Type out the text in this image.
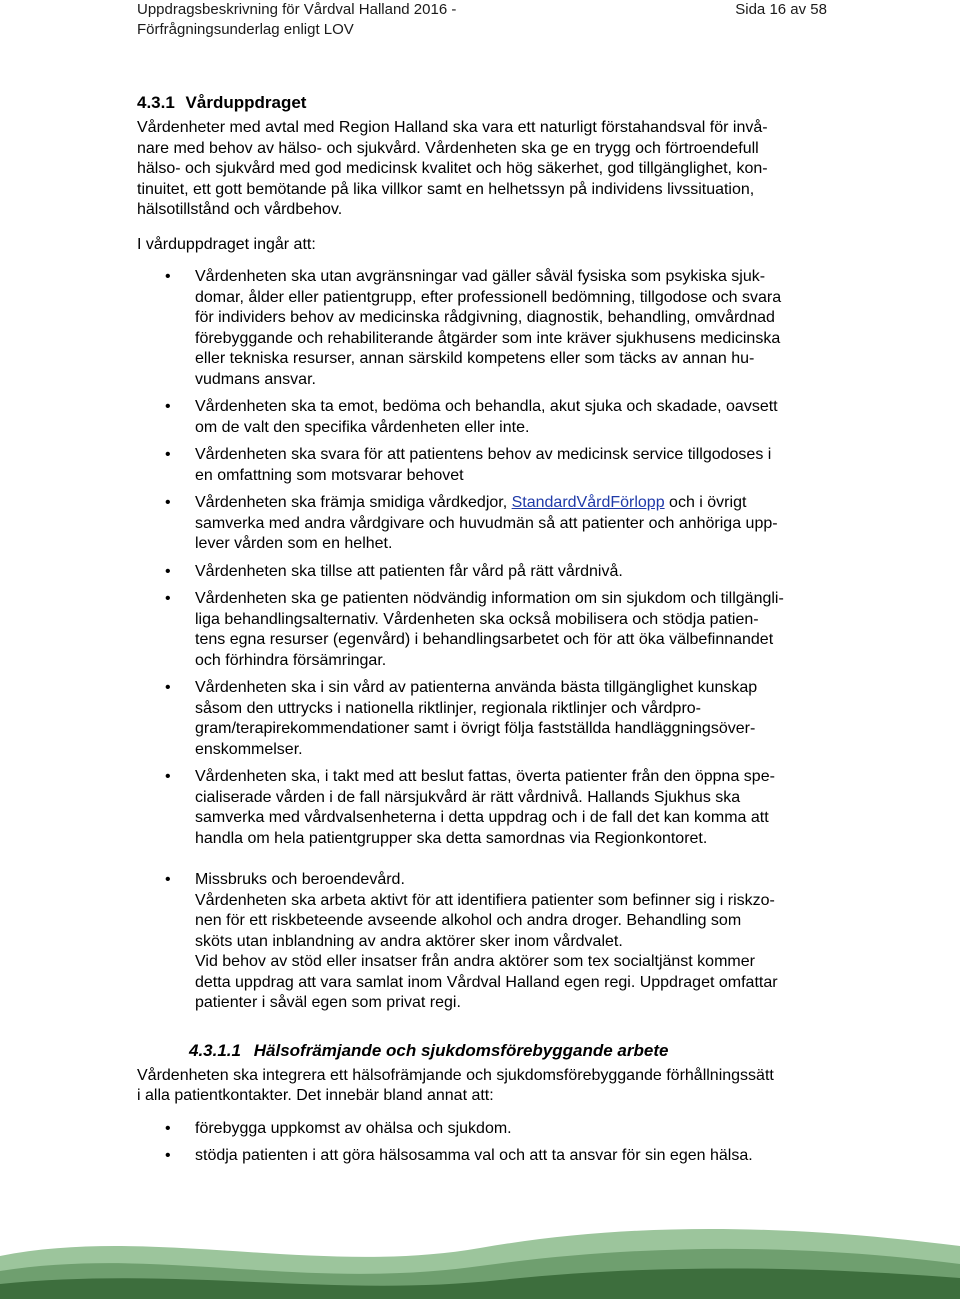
Uppdragsbeskrivning för Vårdval Halland 2016 -
Förfrågningsunderlag enligt LOV
Sida 16 av 58
4.3.1 Vårduppdraget

Vårdenheter med avtal med Region Halland ska vara ett naturligt förstahandsval för invå-
nare med behov av hälso- och sjukvård. Vårdenheten ska ge en trygg och förtroendefull
hälso- och sjukvård med god medicinsk kvalitet och hög säkerhet, god tillgänglighet, kon-
tinuitet, ett gott bemötande på lika villkor samt en helhetssyn på individens livssituation,
hälsotillstånd och vårdbehov.

I vårduppdraget ingår att:

• Vårdenheten ska utan avgränsningar vad gäller såväl fysiska som psykiska sjuk-
domar, ålder eller patientgrupp, efter professionell bedömning, tillgodose och svara
för individers behov av medicinska rådgivning, diagnostik, behandling, omvårdnad
förebyggande och rehabiliterande åtgärder som inte kräver sjukhusens medicinska
eller tekniska resurser, annan särskild kompetens eller som täcks av annan hu-
vudmans ansvar.
• Vårdenheten ska ta emot, bedöma och behandla, akut sjuka och skadade, oavsett
om de valt den specifika vårdenheten eller inte.
• Vårdenheten ska svara för att patientens behov av medicinsk service tillgodoses i
en omfattning som motsvarar behovet
• Vårdenheten ska främja smidiga vårdkedjor, StandardVårdFörlopp och i övrigt
samverka med andra vårdgivare och huvudmän så att patienter och anhöriga upp-
lever vården som en helhet.
• Vårdenheten ska tillse att patienten får vård på rätt vårdnivå.
• Vårdenheten ska ge patienten nödvändig information om sin sjukdom och tillgängli-
liga behandlingsalternativ. Vårdenheten ska också mobilisera och stödja patien-
tens egna resurser (egenvård) i behandlingsarbetet och för att öka välbefinnandet
och förhindra försämringar.
• Vårdenheten ska i sin vård av patienterna använda bästa tillgänglighet kunskap
såsom den uttrycks i nationella riktlinjer, regionala riktlinjer och vårdpro-
gram/terapirekommendationer samt i övrigt följa fastställda handläggningsöver-
enskommelser.
• Vårdenheten ska, i takt med att beslut fattas, överta patienter från den öppna spe-
cialiserade vården i de fall närsjukvård är rätt vårdnivå. Hallands Sjukhus ska
samverka med vårdvalsenheterna i detta uppdrag och i de fall det kan komma att
handla om hela patientgrupper ska detta samordnas via Regionkontoret.
• Missbruks och beroendevård.
Vårdenheten ska arbeta aktivt för att identifiera patienter som befinner sig i riskzo-
nen för ett riskbeteende avseende alkohol och andra droger. Behandling som
sköts utan inblandning av andra aktörer sker inom vårdvalet.
Vid behov av stöd eller insatser från andra aktörer som tex socialtjänst kommer
detta uppdrag att vara samlat inom Vårdval Halland egen regi. Uppdraget omfattar
patienter i såväl egen som privat regi.
4.3.1.1 Hälsofrämjande och sjukdomsförebyggande arbete

Vårdenheten ska integrera ett hälsofrämjande och sjukdomsförebyggande förhållningssätt
i alla patientkontakter. Det innebär bland annat att:

• förebygga uppkomst av ohälsa och sjukdom.
• stödja patienten i att göra hälsosamma val och att ta ansvar för sin egen hälsa.
